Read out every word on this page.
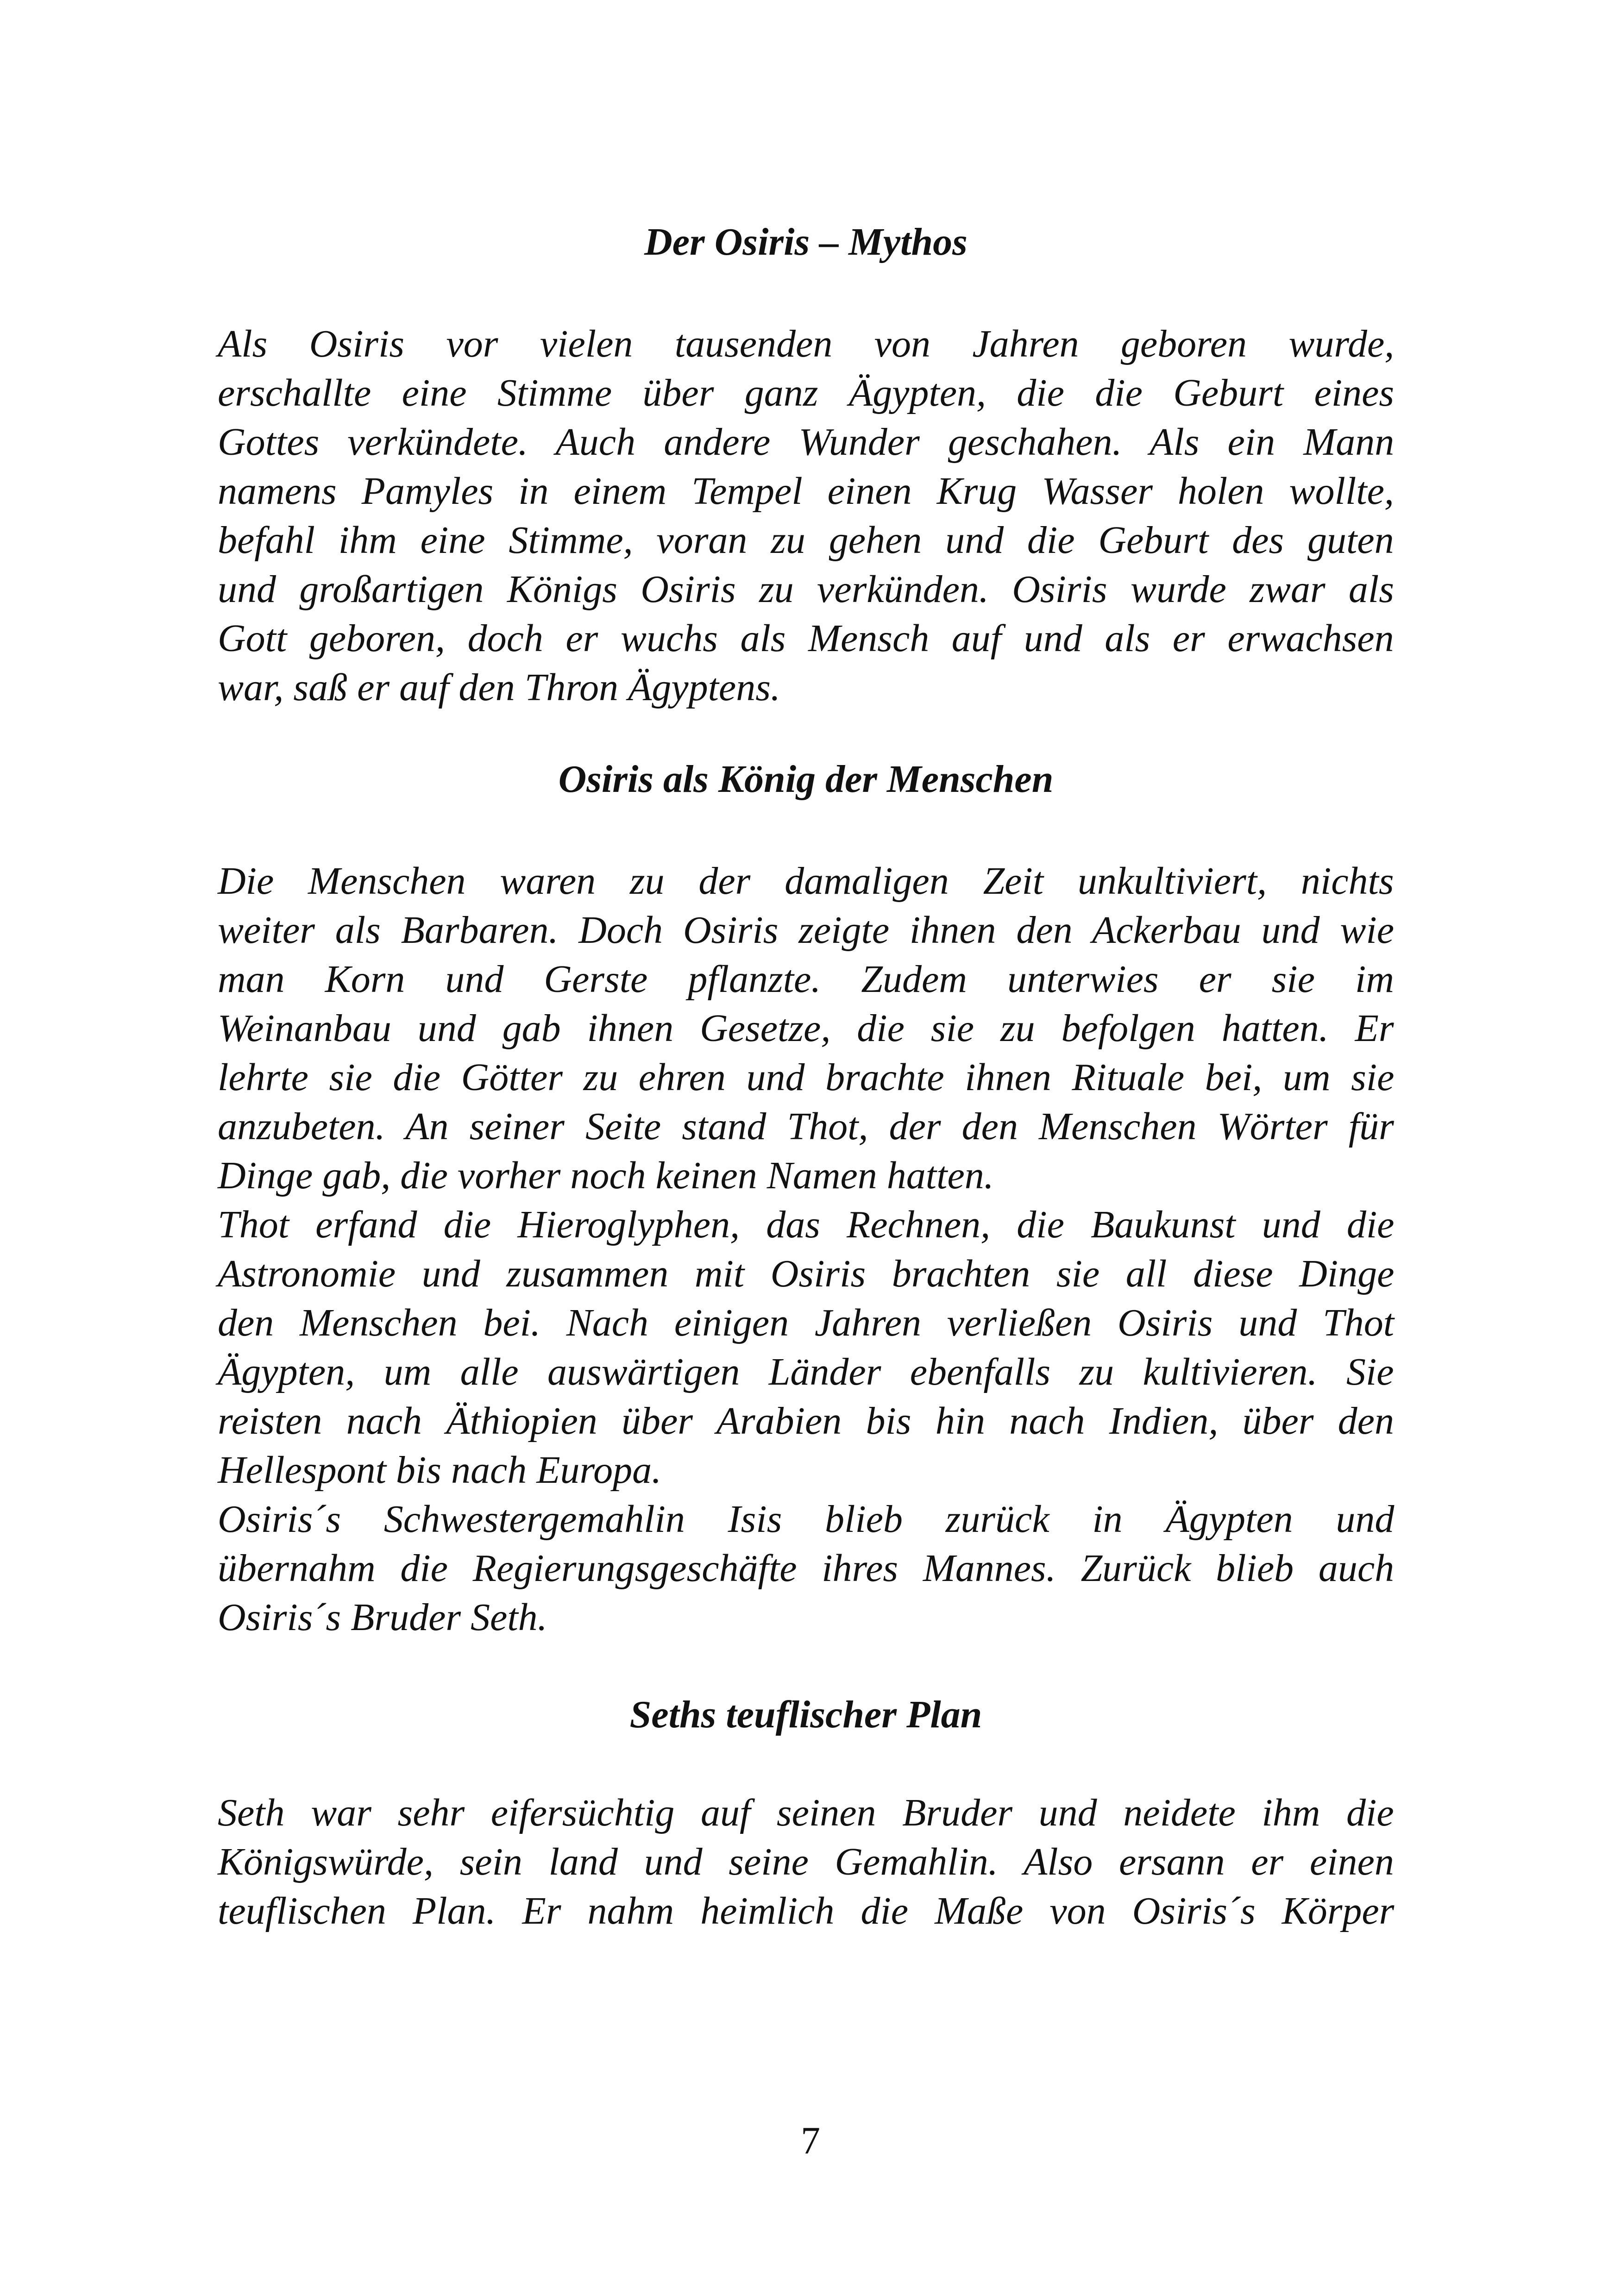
Der Osiris – Mythos
Als Osiris vor vielen tausenden von Jahren geboren wurde,
erschallte eine Stimme über ganz Ägypten, die die Geburt eines
Gottes verkündete. Auch andere Wunder geschahen. Als ein Mann
namens Pamyles in einem Tempel einen Krug Wasser holen wollte,
befahl ihm eine Stimme, voran zu gehen und die Geburt des guten
und großartigen Königs Osiris zu verkünden. Osiris wurde zwar als
Gott geboren, doch er wuchs als Mensch auf und als er erwachsen
war, saß er auf den Thron Ägyptens.
Osiris als König der Menschen
Die Menschen waren zu der damaligen Zeit unkultiviert, nichts
weiter als Barbaren. Doch Osiris zeigte ihnen den Ackerbau und wie
man Korn und Gerste pflanzte. Zudem unterwies er sie im
Weinanbau und gab ihnen Gesetze, die sie zu befolgen hatten. Er
lehrte sie die Götter zu ehren und brachte ihnen Rituale bei, um sie
anzubeten. An seiner Seite stand Thot, der den Menschen Wörter für
Dinge gab, die vorher noch keinen Namen hatten.
Thot erfand die Hieroglyphen, das Rechnen, die Baukunst und die
Astronomie und zusammen mit Osiris brachten sie all diese Dinge
den Menschen bei. Nach einigen Jahren verließen Osiris und Thot
Ägypten, um alle auswärtigen Länder ebenfalls zu kultivieren. Sie
reisten nach Äthiopien über Arabien bis hin nach Indien, über den
Hellespont bis nach Europa.
Osiris´s Schwestergemahlin Isis blieb zurück in Ägypten und
übernahm die Regierungsgeschäfte ihres Mannes. Zurück blieb auch
Osiris´s Bruder Seth.
Seths teuflischer Plan
Seth war sehr eifersüchtig auf seinen Bruder und neidete ihm die
Königswürde, sein land und seine Gemahlin. Also ersann er einen
teuflischen Plan. Er nahm heimlich die Maße von Osiris´s Körper
7
